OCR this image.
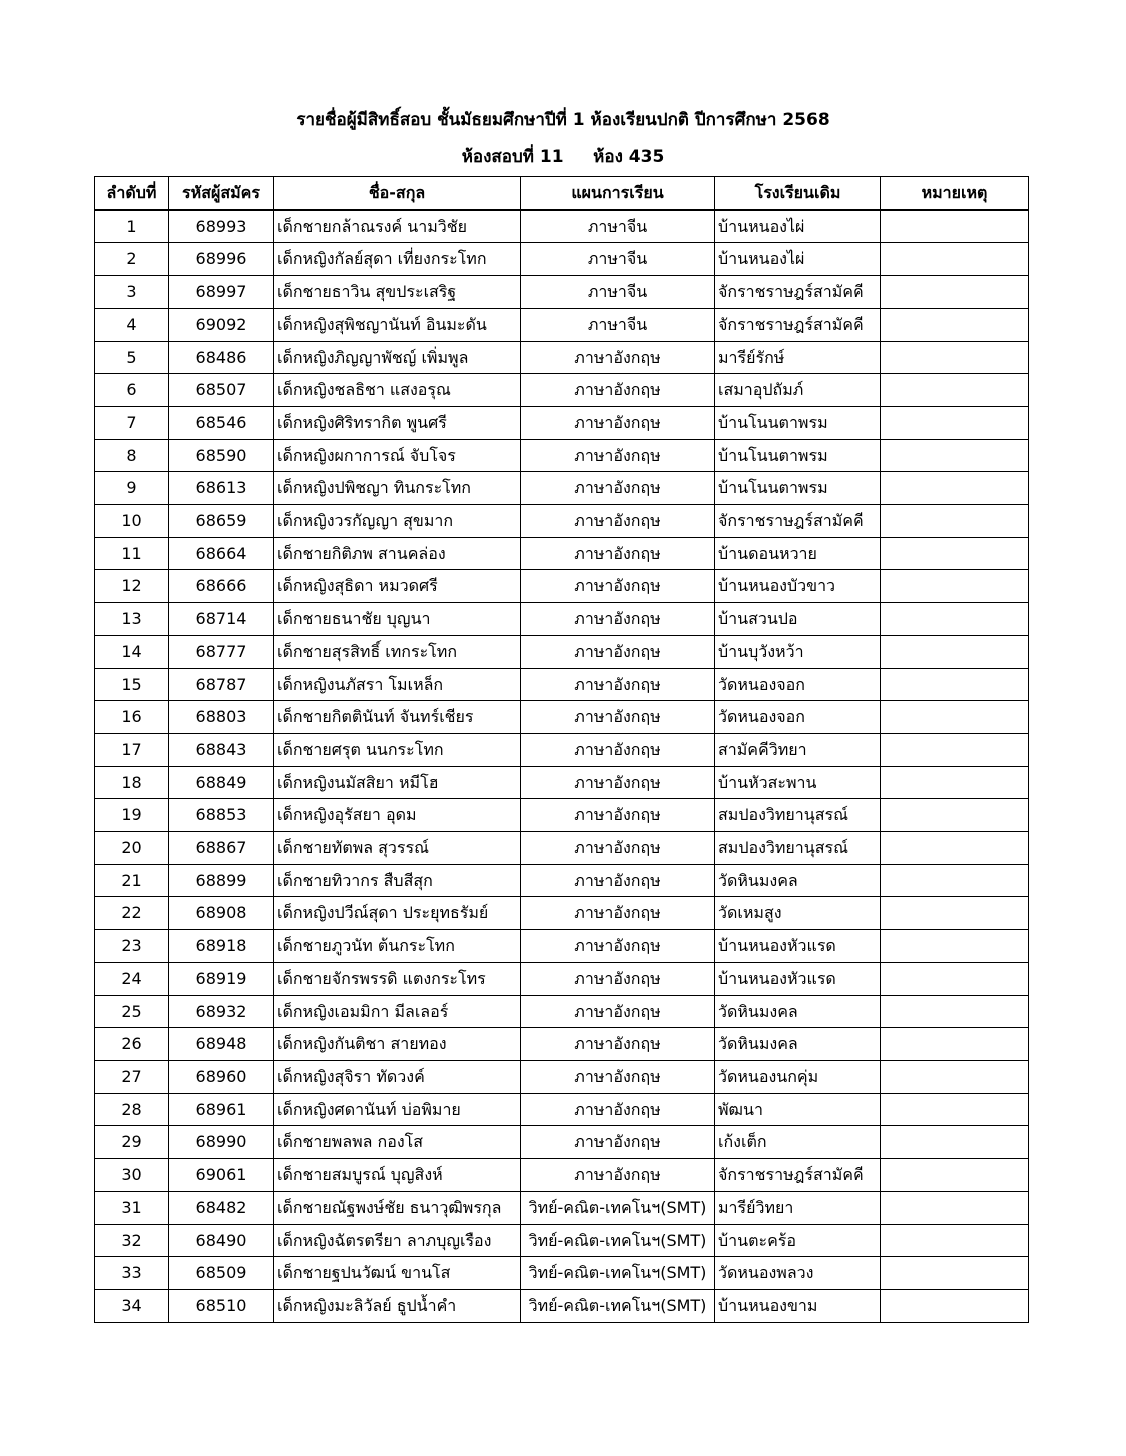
รายชื่อผู้มีสิทธิ์สอบ ชั้นมัธยมศึกษาปีที่ 1 ห้องเรียนปกติ ปีการศึกษา 2568
ห้องสอบที่ 11     ห้อง 435
ลำดับที่	รหัสผู้สมัคร	ชื่อ-สกุล	แผนการเรียน	โรงเรียนเดิม	หมายเหตุ
1	68993	เด็กชายกล้าณรงค์ นามวิชัย	ภาษาจีน	บ้านหนองไผ่	
2	68996	เด็กหญิงกัลย์สุดา เที่ยงกระโทก	ภาษาจีน	บ้านหนองไผ่	
3	68997	เด็กชายธาวิน สุขประเสริฐ	ภาษาจีน	จักราชราษฎร์สามัคคี	
4	69092	เด็กหญิงสุพิชญานันท์ อินมะดัน	ภาษาจีน	จักราชราษฎร์สามัคคี	
5	68486	เด็กหญิงภิญญาพัชญ์ เพิ่มพูล	ภาษาอังกฤษ	มารีย์รักษ์	
6	68507	เด็กหญิงชลธิชา แสงอรุณ	ภาษาอังกฤษ	เสมาอุปถัมภ์	
7	68546	เด็กหญิงศิริทรากิต พูนศรี	ภาษาอังกฤษ	บ้านโนนตาพรม	
8	68590	เด็กหญิงผกาการณ์ จับโจร	ภาษาอังกฤษ	บ้านโนนตาพรม	
9	68613	เด็กหญิงปพิชญา ทินกระโทก	ภาษาอังกฤษ	บ้านโนนตาพรม	
10	68659	เด็กหญิงวรกัญญา สุขมาก	ภาษาอังกฤษ	จักราชราษฎร์สามัคคี	
11	68664	เด็กชายกิติภพ สานคล่อง	ภาษาอังกฤษ	บ้านดอนหวาย	
12	68666	เด็กหญิงสุธิดา หมวดศรี	ภาษาอังกฤษ	บ้านหนองบัวขาว	
13	68714	เด็กชายธนาชัย บุญนา	ภาษาอังกฤษ	บ้านสวนปอ	
14	68777	เด็กชายสุรสิทธิ์ เทกระโทก	ภาษาอังกฤษ	บ้านบุวังหว้า	
15	68787	เด็กหญิงนภัสรา โมเหล็ก	ภาษาอังกฤษ	วัดหนองจอก	
16	68803	เด็กชายกิตตินันท์ จันทร์เชียร	ภาษาอังกฤษ	วัดหนองจอก	
17	68843	เด็กชายศรุต นนกระโทก	ภาษาอังกฤษ	สามัคคีวิทยา	
18	68849	เด็กหญิงนมัสสิยา หมีโฮ	ภาษาอังกฤษ	บ้านหัวสะพาน	
19	68853	เด็กหญิงอุรัสยา อุดม	ภาษาอังกฤษ	สมปองวิทยานุสรณ์	
20	68867	เด็กชายทัตพล สุวรรณ์	ภาษาอังกฤษ	สมปองวิทยานุสรณ์	
21	68899	เด็กชายทิวากร สืบสีสุก	ภาษาอังกฤษ	วัดหินมงคล	
22	68908	เด็กหญิงปวีณ์สุดา ประยุทธรัมย์	ภาษาอังกฤษ	วัดเหมสูง	
23	68918	เด็กชายภูวนัท ต้นกระโทก	ภาษาอังกฤษ	บ้านหนองหัวแรด	
24	68919	เด็กชายจักรพรรดิ แตงกระโทร	ภาษาอังกฤษ	บ้านหนองหัวแรด	
25	68932	เด็กหญิงเอมมิกา มีลเลอร์	ภาษาอังกฤษ	วัดหินมงคล	
26	68948	เด็กหญิงกันติชา สายทอง	ภาษาอังกฤษ	วัดหินมงคล	
27	68960	เด็กหญิงสุจิรา ทัดวงค์	ภาษาอังกฤษ	วัดหนองนกคุ่ม	
28	68961	เด็กหญิงศดานันท์ บ่อพิมาย	ภาษาอังกฤษ	พัฒนา	
29	68990	เด็กชายพลพล กองโส	ภาษาอังกฤษ	เก้งเต็ก	
30	69061	เด็กชายสมบูรณ์ บุญสิงห์	ภาษาอังกฤษ	จักราชราษฎร์สามัคคี	
31	68482	เด็กชายณัฐพงษ์ชัย ธนาวุฒิพรกุล	วิทย์-คณิต-เทคโนฯ(SMT)	มารีย์วิทยา	
32	68490	เด็กหญิงฉัตรตรียา ลาภบุญเรือง	วิทย์-คณิต-เทคโนฯ(SMT)	บ้านตะคร้อ	
33	68509	เด็กชายฐปนวัฒน์ ขานโส	วิทย์-คณิต-เทคโนฯ(SMT)	วัดหนองพลวง	
34	68510	เด็กหญิงมะลิวัลย์ ธูปน้ำคำ	วิทย์-คณิต-เทคโนฯ(SMT)	บ้านหนองขาม	
